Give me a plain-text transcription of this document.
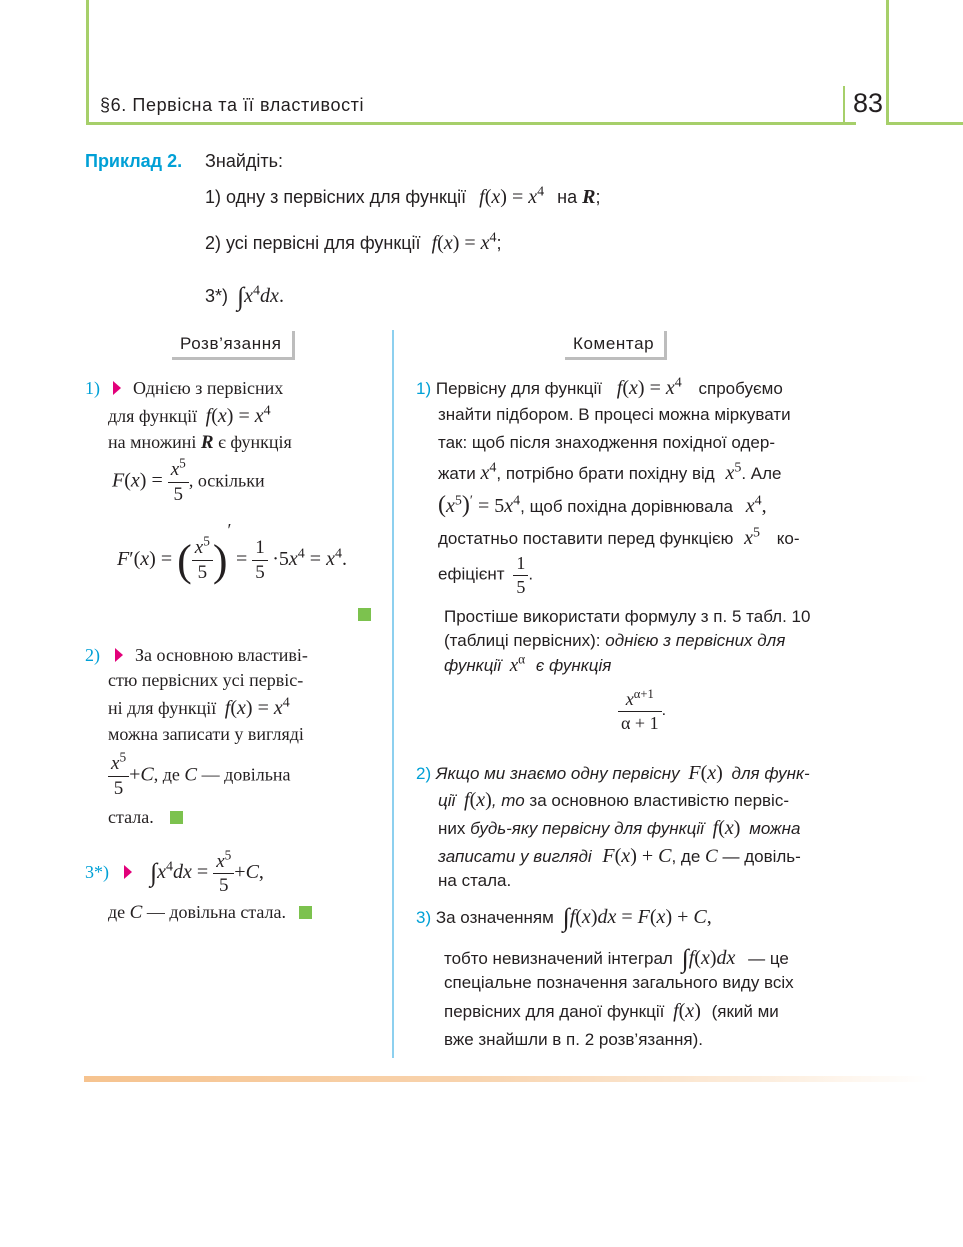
§6. Первісна та її властивості	83
Приклад 2. Знайдіть:
1) одну з первісних для функції $f(x) = x^4$ на R;
2) усі первісні для функції $f(x) = x^4$;
3*) $\int x^4dx$.
Розв’язання	Коментар
1) Однією з первісних
для функції $f(x) = x^4$
на множині R є функція
$F(x) = \frac{x^5}{5}$ , оскільки
F′(x) = ( $\frac{x^5}{5} )' = \frac{1}{5} \cdot 5x^4 = x^4$.
2) За основною властиві-
стю первісних усі первіс-
ні для функції $f(x) = x^4$
можна записати у вигляді
$\frac{x^5}{5} +C$, де C — довільна
стала.
3*) $\int x^4dx = \frac{x^5}{5} +C$,
де C — довільна стала.
1) Первісну для функції $f(x) = x^4$ спробуємо
знайти підбором. В процесі можна міркувати
так: щоб після знаходження похідної одер-
жати $x^4$, потрібно брати похідну від $x^5$. Але
$(x^5)' = 5x^4$, щоб похідна дорівнювала $x^4$,
достатньо поставити перед функцією $x^5$ ко-
ефіцієнт $\frac{1}{5}$ .
Простіше використати формулу з п. 5 табл. 10
(таблиці первісних): однією з первісних для
функції $x^\alpha$ є функція
$\frac{x^{\alpha+1}}{\alpha + 1}$ .
2) Якщо ми знаємо одну первісну F(x) для функ-
ції f(x), то за основною властивістю первіс-
них будь-яку первісну для функції f(x) можна
записати у вигляді F(x) + C, де C — довіль-
на стала.
3) За означенням ∫f(x)dx = F(x) + C,
тобто невизначений інтеграл ∫f(x)dx — це
спеціальне позначення загального виду всіх
первісних для даної функції f(x) (який ми
вже знайшли в п. 2 розв’язання).
